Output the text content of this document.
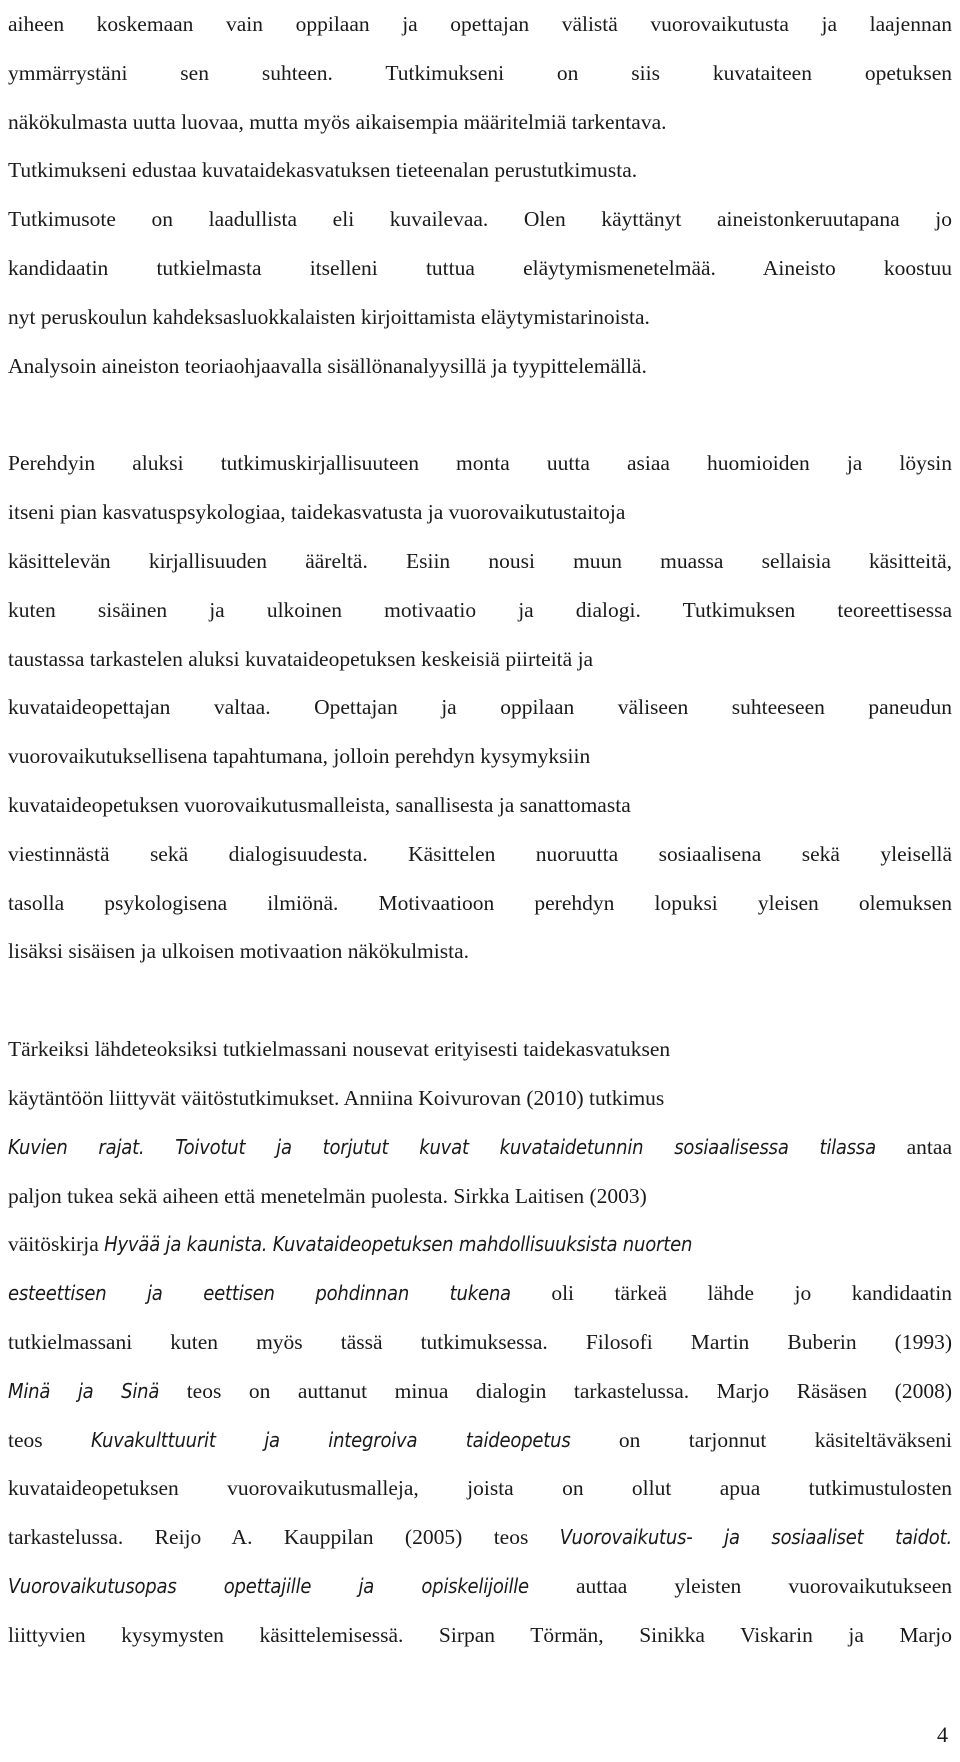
aiheen koskemaan vain oppilaan ja opettajan välistä vuorovaikutusta ja laajennan
ymmärrystäni sen suhteen. Tutkimukseni on siis kuvataiteen opetuksen
näkökulmasta uutta luovaa, mutta myös aikaisempia määritelmiä tarkentava.
Tutkimukseni edustaa kuvataidekasvatuksen tieteenalan perustutkimusta.
Tutkimusote on laadullista eli kuvailevaa. Olen käyttänyt aineistonkeruutapana jo
kandidaatin tutkielmasta itselleni tuttua eläytymismenetelmää. Aineisto koostuu
nyt peruskoulun kahdeksasluokkalaisten kirjoittamista eläytymistarinoista.
Analysoin aineiston teoriaohjaavalla sisällönanalyysillä ja tyypittelemällä.
Perehdyin aluksi tutkimuskirjallisuuteen monta uutta asiaa huomioiden ja löysin
itseni pian kasvatuspsykologiaa, taidekasvatusta ja vuorovaikutustaitoja
käsittelevän kirjallisuuden ääreltä. Esiin nousi muun muassa sellaisia käsitteitä,
kuten sisäinen ja ulkoinen motivaatio ja dialogi. Tutkimuksen teoreettisessa
taustassa tarkastelen aluksi kuvataideopetuksen keskeisiä piirteitä ja
kuvataideopettajan valtaa. Opettajan ja oppilaan väliseen suhteeseen paneudun
vuorovaikutuksellisena tapahtumana, jolloin perehdyn kysymyksiin
kuvataideopetuksen vuorovaikutusmalleista, sanallisesta ja sanattomasta
viestinnästä sekä dialogisuudesta. Käsittelen nuoruutta sosiaalisena sekä yleisellä
tasolla psykologisena ilmiönä. Motivaatioon perehdyn lopuksi yleisen olemuksen
lisäksi sisäisen ja ulkoisen motivaation näkökulmista.
Tärkeiksi lähdeteoksiksi tutkielmassani nousevat erityisesti taidekasvatuksen
käytäntöön liittyvät väitöstutkimukset. Anniina Koivurovan (2010) tutkimus
Kuvien rajat. Toivotut ja torjutut kuvat kuvataidetunnin sosiaalisessa tilassa antaa
paljon tukea sekä aiheen että menetelmän puolesta. Sirkka Laitisen (2003)
väitöskirja Hyvää ja kaunista. Kuvataideopetuksen mahdollisuuksista nuorten
esteettisen ja eettisen pohdinnan tukena oli tärkeä lähde jo kandidaatin
tutkielmassani kuten myös tässä tutkimuksessa. Filosofi Martin Buberin (1993)
Minä ja Sinä teos on auttanut minua dialogin tarkastelussa. Marjo Räsäsen (2008)
teos Kuvakulttuurit ja integroiva taideopetus on tarjonnut käsiteltäväkseni
kuvataideopetuksen vuorovaikutusmalleja, joista on ollut apua tutkimustulosten
tarkastelussa. Reijo A. Kauppilan (2005) teos Vuorovaikutus- ja sosiaaliset taidot.
Vuorovaikutusopas opettajille ja opiskelijoille auttaa yleisten vuorovaikutukseen
liittyvien kysymysten käsittelemisessä. Sirpan Törmän, Sinikka Viskarin ja Marjo
4
